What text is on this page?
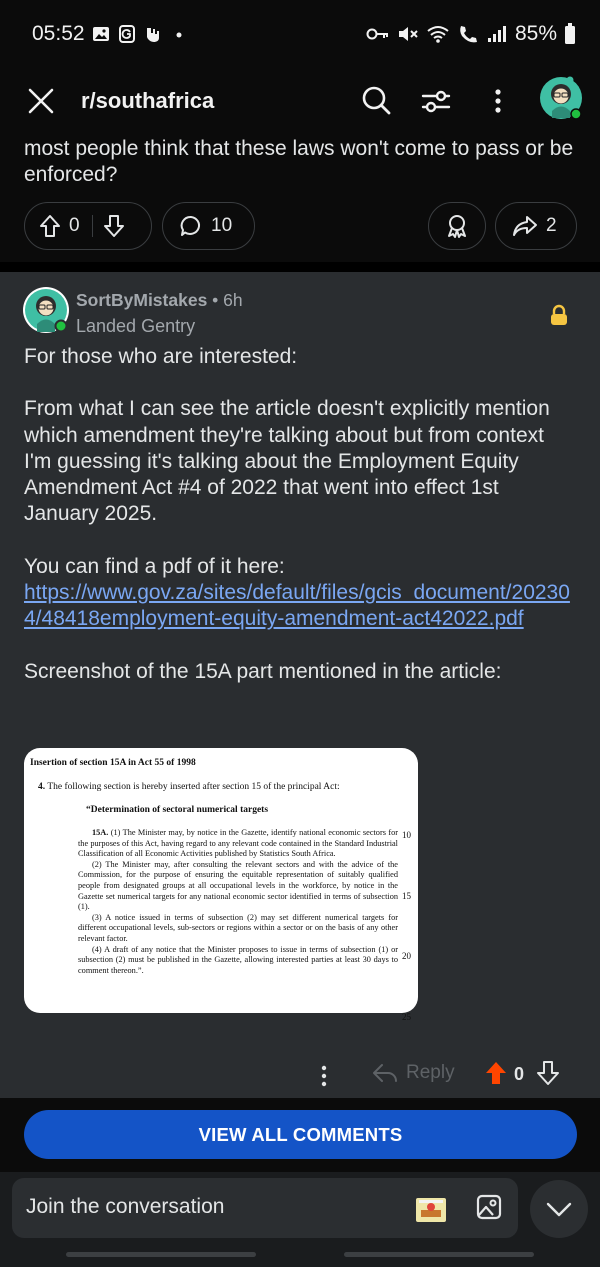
05:52	85%
r/southafrica
most people think that these laws won't come to pass or be enforced?
0	10	2
SortByMistakes • 6h
Landed Gentry

For those who are interested:

From what I can see the article doesn't explicitly mention which amendment they're talking about but from context I'm guessing it's talking about the Employment Equity Amendment Act #4 of 2022 that went into effect 1st January 2025.

You can find a pdf of it here:
https://www.gov.za/sites/default/files/gcis_document/202304/48418employment-equity-amendment-act42022.pdf

Screenshot of the 15A part mentioned in the article:

Insertion of section 15A in Act 55 of 1998
4. The following section is hereby inserted after section 15 of the principal Act:
“Determination of sectoral numerical targets
15A. (1) The Minister may, by notice in the Gazette, identify national economic sectors for the purposes of this Act, having regard to any relevant code contained in the Standard Industrial Classification of all Economic Activities published by Statistics South Africa.
(2) The Minister may, after consulting the relevant sectors and with the advice of the Commission, for the purpose of ensuring the equitable representation of suitably qualified people from designated groups at all occupational levels in the workforce, by notice in the Gazette set numerical targets for any national economic sector identified in terms of subsection (1).
(3) A notice issued in terms of subsection (2) may set different numerical targets for different occupational levels, sub-sectors or regions within a sector or on the basis of any other relevant factor.
(4) A draft of any notice that the Minister proposes to issue in terms of subsection (1) or subsection (2) must be published in the Gazette, allowing interested parties at least 30 days to comment thereon.”.
10
15
20
25
Reply	0
VIEW ALL COMMENTS
Join the conversation
